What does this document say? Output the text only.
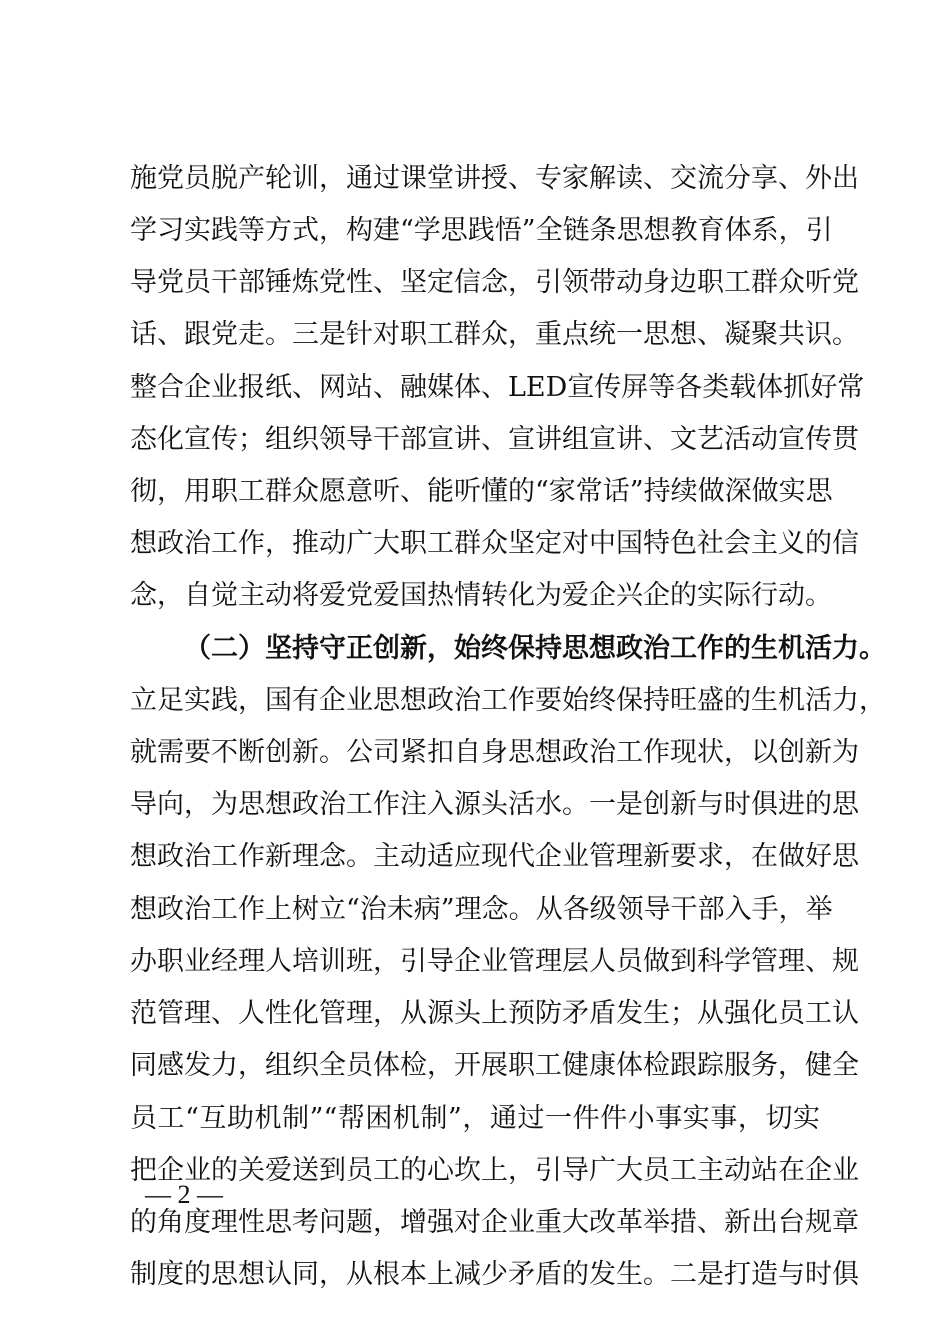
施党员脱产轮训，通过课堂讲授、专家解读、交流分享、外出
学习实践等方式，构建“学思践悟”全链条思想教育体系，引
导党员干部锤炼党性、坚定信念，引领带动身边职工群众听党
话、跟党走。三是针对职工群众，重点统一思想、凝聚共识。
整合企业报纸、网站、融媒体、LED宣传屏等各类载体抓好常
态化宣传；组织领导干部宣讲、宣讲组宣讲、文艺活动宣传贯
彻，用职工群众愿意听、能听懂的“家常话”持续做深做实思
想政治工作，推动广大职工群众坚定对中国特色社会主义的信
念，自觉主动将爱党爱国热情转化为爱企兴企的实际行动。
（二）坚持守正创新，始终保持思想政治工作的生机活力。
立足实践，国有企业思想政治工作要始终保持旺盛的生机活力，
就需要不断创新。公司紧扣自身思想政治工作现状，以创新为
导向，为思想政治工作注入源头活水。一是创新与时俱进的思
想政治工作新理念。主动适应现代企业管理新要求，在做好思
想政治工作上树立“治未病”理念。从各级领导干部入手，举
办职业经理人培训班，引导企业管理层人员做到科学管理、规
范管理、人性化管理，从源头上预防矛盾发生；从强化员工认
同感发力，组织全员体检，开展职工健康体检跟踪服务，健全
员工“互助机制”“帮困机制”，通过一件件小事实事，切实
把企业的关爱送到员工的心坎上，引导广大员工主动站在企业
的角度理性思考问题，增强对企业重大改革举措、新出台规章
制度的思想认同，从根本上减少矛盾的发生。二是打造与时俱
— 2 —
